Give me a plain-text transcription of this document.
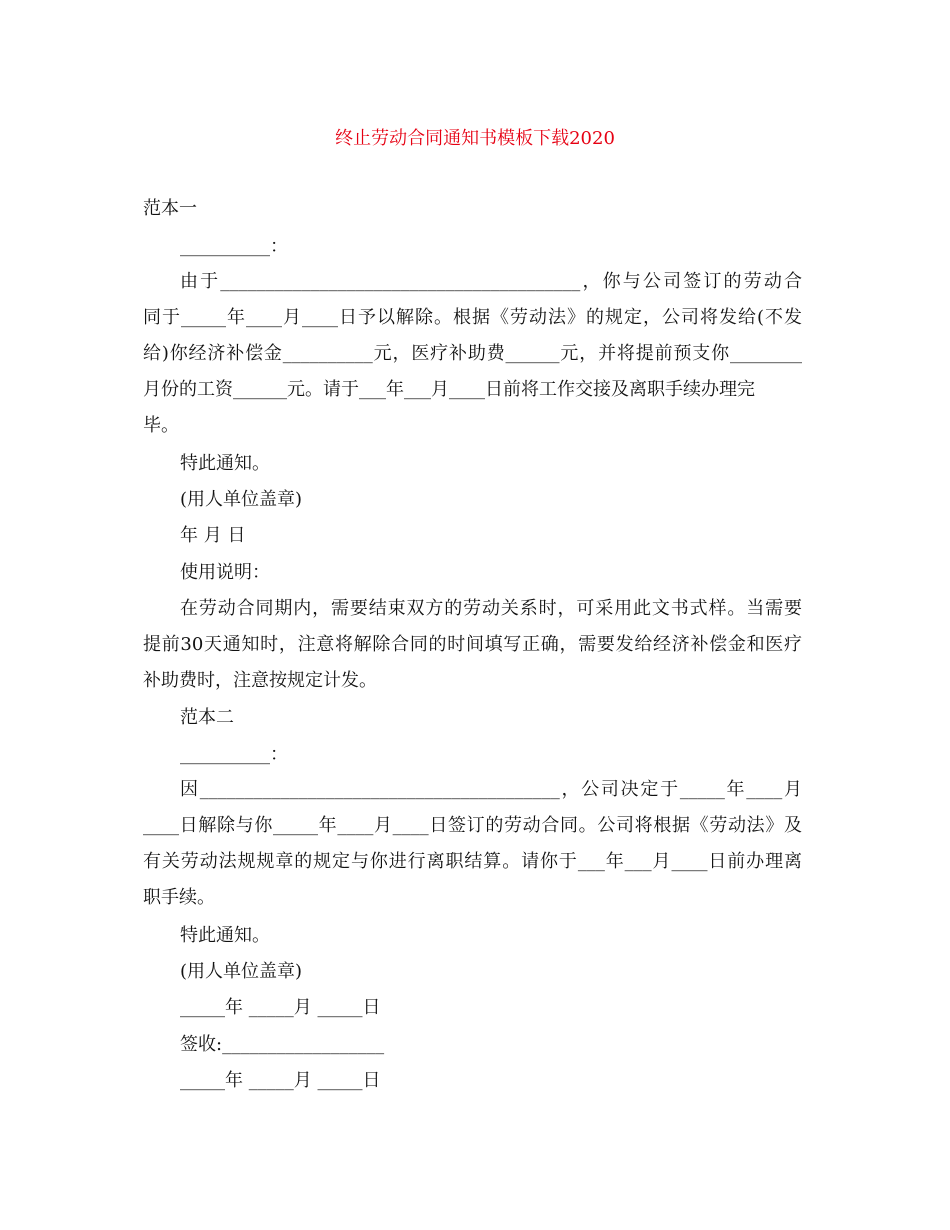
终止劳动合同通知书模板下载2020
范本一
__________：
由于________________________________________，你与公司签订的劳动合
同于_____年____月____日予以解除。根据《劳动法》的规定，公司将发给(不发
给)你经济补偿金__________元，医疗补助费______元，并将提前预支你________
月份的工资______元。请于___年___月____日前将工作交接及离职手续办理完
毕。
特此通知。
(用人单位盖章)
年 月 日
使用说明：
在劳动合同期内，需要结束双方的劳动关系时，可采用此文书式样。当需要
提前30天通知时，注意将解除合同的时间填写正确，需要发给经济补偿金和医疗
补助费时，注意按规定计发。
范本二
__________：
因________________________________________，公司决定于_____年____月
____日解除与你_____年____月____日签订的劳动合同。公司将根据《劳动法》及
有关劳动法规规章的规定与你进行离职结算。请你于___年___月____日前办理离
职手续。
特此通知。
(用人单位盖章)
_____年 _____月 _____日
签收:__________________
_____年 _____月 _____日
